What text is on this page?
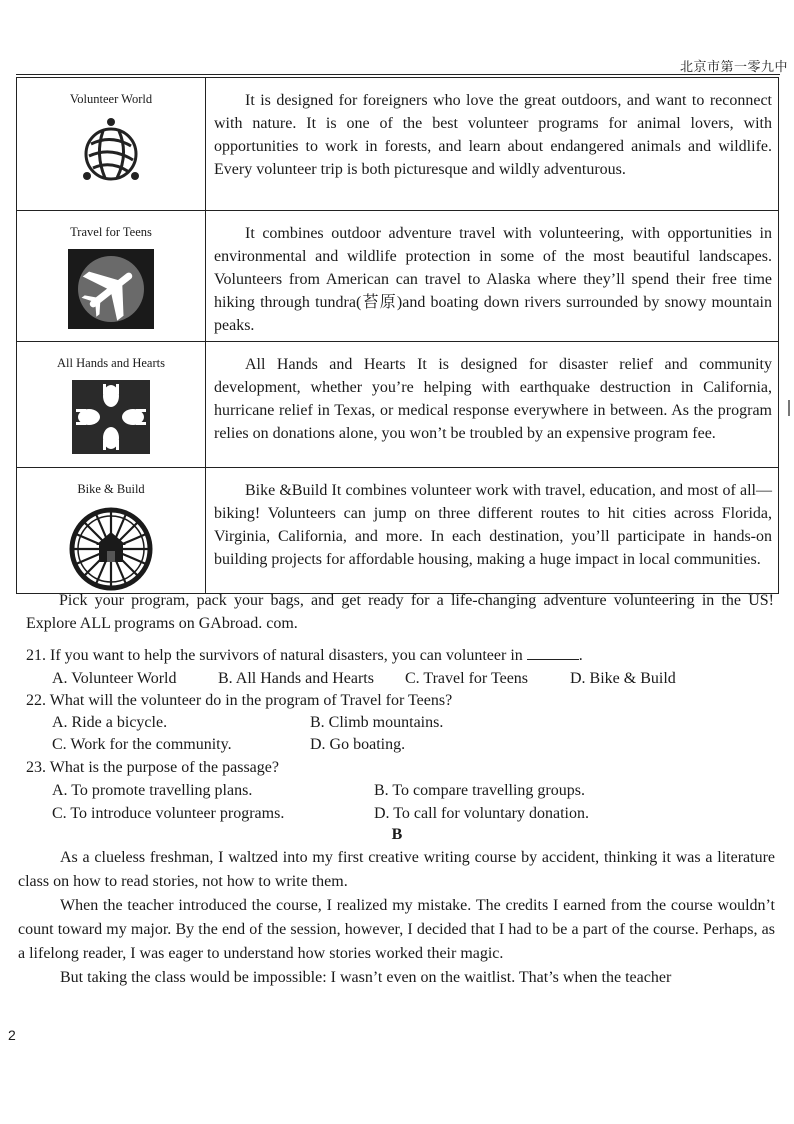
北京市第一零九中
Volunteer World	It is designed for foreigners who love the great outdoors, and want to reconnect with nature. It is one of the best volunteer programs for animal lovers, with opportunities to work in forests, and learn about endangered animals and wildlife. Every volunteer trip is both picturesque and wildly adventurous.

Travel for Teens	It combines outdoor adventure travel with volunteering, with opportunities in environmental and wildlife protection in some of the most beautiful landscapes. Volunteers from American can travel to Alaska where they’ll spend their free time hiking through tundra(苔原)and boating down rivers surrounded by snowy mountain peaks.

All Hands and Hearts	All Hands and Hearts It is designed for disaster relief and community development, whether you’re helping with earthquake destruction in California, hurricane relief in Texas, or medical response everywhere in between. As the program relies on donations alone, you won’t be troubled by an expensive program fee.

Bike & Build	Bike &Build It combines volunteer work with travel, education, and most of all—biking! Volunteers can jump on three different routes to hit cities across Florida, Virginia, California, and more. In each destination, you’ll participate in hands-on building projects for affordable housing, making a huge impact in local communities.

Pick your program, pack your bags, and get ready for a life-changing adventure volunteering in the US! Explore ALL programs on GAbroad. com.

21. If you want to help the survivors of natural disasters, you can volunteer in	.
A. Volunteer World	B. All Hands and Hearts C. Travel for Teens	D. Bike & Build
22. What will the volunteer do in the program of Travel for Teens?
A. Ride a bicycle.	B. Climb mountains.
C. Work for the community.	D. Go boating.
23. What is the purpose of the passage?
A. To promote travelling plans.	B. To compare travelling groups.
C. To introduce volunteer programs.	D. To call for voluntary donation.
B

As a clueless freshman, I waltzed into my first creative writing course by accident, thinking it was a literature class on how to read stories, not how to write them.

When the teacher introduced the course, I realized my mistake. The credits I earned from the course wouldn’t count toward my major. By the end of the session, however, I decided that I had to be a part of the course. Perhaps, as a lifelong reader, I was eager to understand how stories worked their magic.

But taking the class would be impossible: I wasn’t even on the waitlist. That’s when the teacher

2
